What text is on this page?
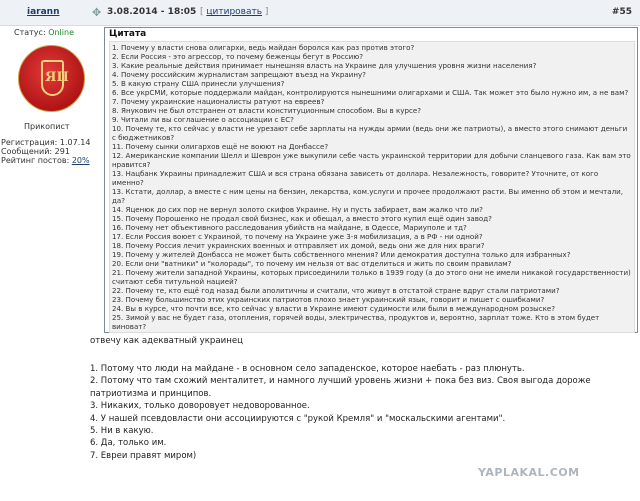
iarann	✥ 3.08.2014 - 18:05 [ цитировать ]	#55
Статус: Online
ЯП
Прикопист
Регистрация: 1.07.14
Сообщений: 291
Рейтинг постов: 20%
Цитата
1. Почему у власти снова олигархи, ведь майдан боролся как раз против этого?
2. Если Россия - это агрессор, то почему беженцы бегут в Россию?
3. Какие реальные действия принимает нынешняя власть на Украине для улучшения уровня жизни населения?
4. Почему российским журналистам запрещают въезд на Украину?
5. В какую страну США принесли улучшения?
6. Все укрСМИ, которые поддержали майдан, контролируются нынешними олигархами и США. Так может это было нужно им, а не вам?
7. Почему украинские националисты ратуют на евреев?
8. Янукович не был отстранен от власти конституционным способом. Вы в курсе?
9. Читали ли вы соглашение о ассоциации с ЕС?
10. Почему те, кто сейчас у власти не урезают себе зарплаты на нужды армии (ведь они же патриоты), а вместо этого снимают деньги с бюджетников?
11. Почему сынки олигархов ещё не воюют на Донбассе?
12. Американские компании Шелл и Шеврон уже выкупили себе часть украинской территории для добычи сланцевого газа. Как вам это нравится?
13. Нацбанк Украины принадлежит США и вся страна обязана зависеть от доллара. Незалежность, говорите? Уточните, от кого именно?
13. Кстати, доллар, а вместе с ним цены на бензин, лекарства, ком.услуги и прочее продолжают расти. Вы именно об этом и мечтали, да?
14. Яценюк до сих пор не вернул золото скифов Украине. Ну и пусть забирает, вам жалко что ли?
15. Почему Порошенко не продал свой бизнес, как и обещал, а вместо этого купил ещё один завод?
16. Почему нет объективного расследования убийств на майдане, в Одессе, Мариуполе и тд?
17. Если Россия воюет с Украиной, то почему на Украине уже 3-я мобилизация, а в РФ - ни одной?
18. Почему Россия лечит украинских военных и отправляет их домой, ведь они же для них враги?
19. Почему у жителей Донбасса не может быть собственного мнения? Или демократия доступна только для избранных?
20. Если они "ватники" и "колорады", то почему им нельзя от вас отделиться и жить по своим правилам?
21. Почему жители западной Украины, которых присоединили только в 1939 году (а до этого они не имели никакой государственности) считают себя титульной нацией?
22. Почему те, кто ещё год назад были аполитичны и считали, что живут в отстатой стране вдруг стали патриотами?
23. Почему большинство этих украинских патриотов плохо знает украинский язык, говорит и пишет с ошибками?
24. Вы в курсе, что почти все, кто сейчас у власти в Украине имеют судимости или были в международном розыске?
25. Зимой у вас не будет газа, отопления, горячей воды, электричества, продуктов и, вероятно, зарплат тоже. Кто в этом будет виноват?
отвечу как адекватный украинец
1. Потому что люди на майдане - в основном село западенское, которое наебать - раз плюнуть.
2. Потому что там схожий менталитет, и намного лучший уровень жизни + пока без виз. Своя выгода дороже патриотизма и принципов.
3. Никаких, только доворовует недоворованное.
4. У нашей псевдовласти они ассоциируются с "рукой Кремля" и "москальскими агентами".
5. Ни в какую.
6. Да, только им.
7. Евреи правят миром)
YAPLAKAL.COM
